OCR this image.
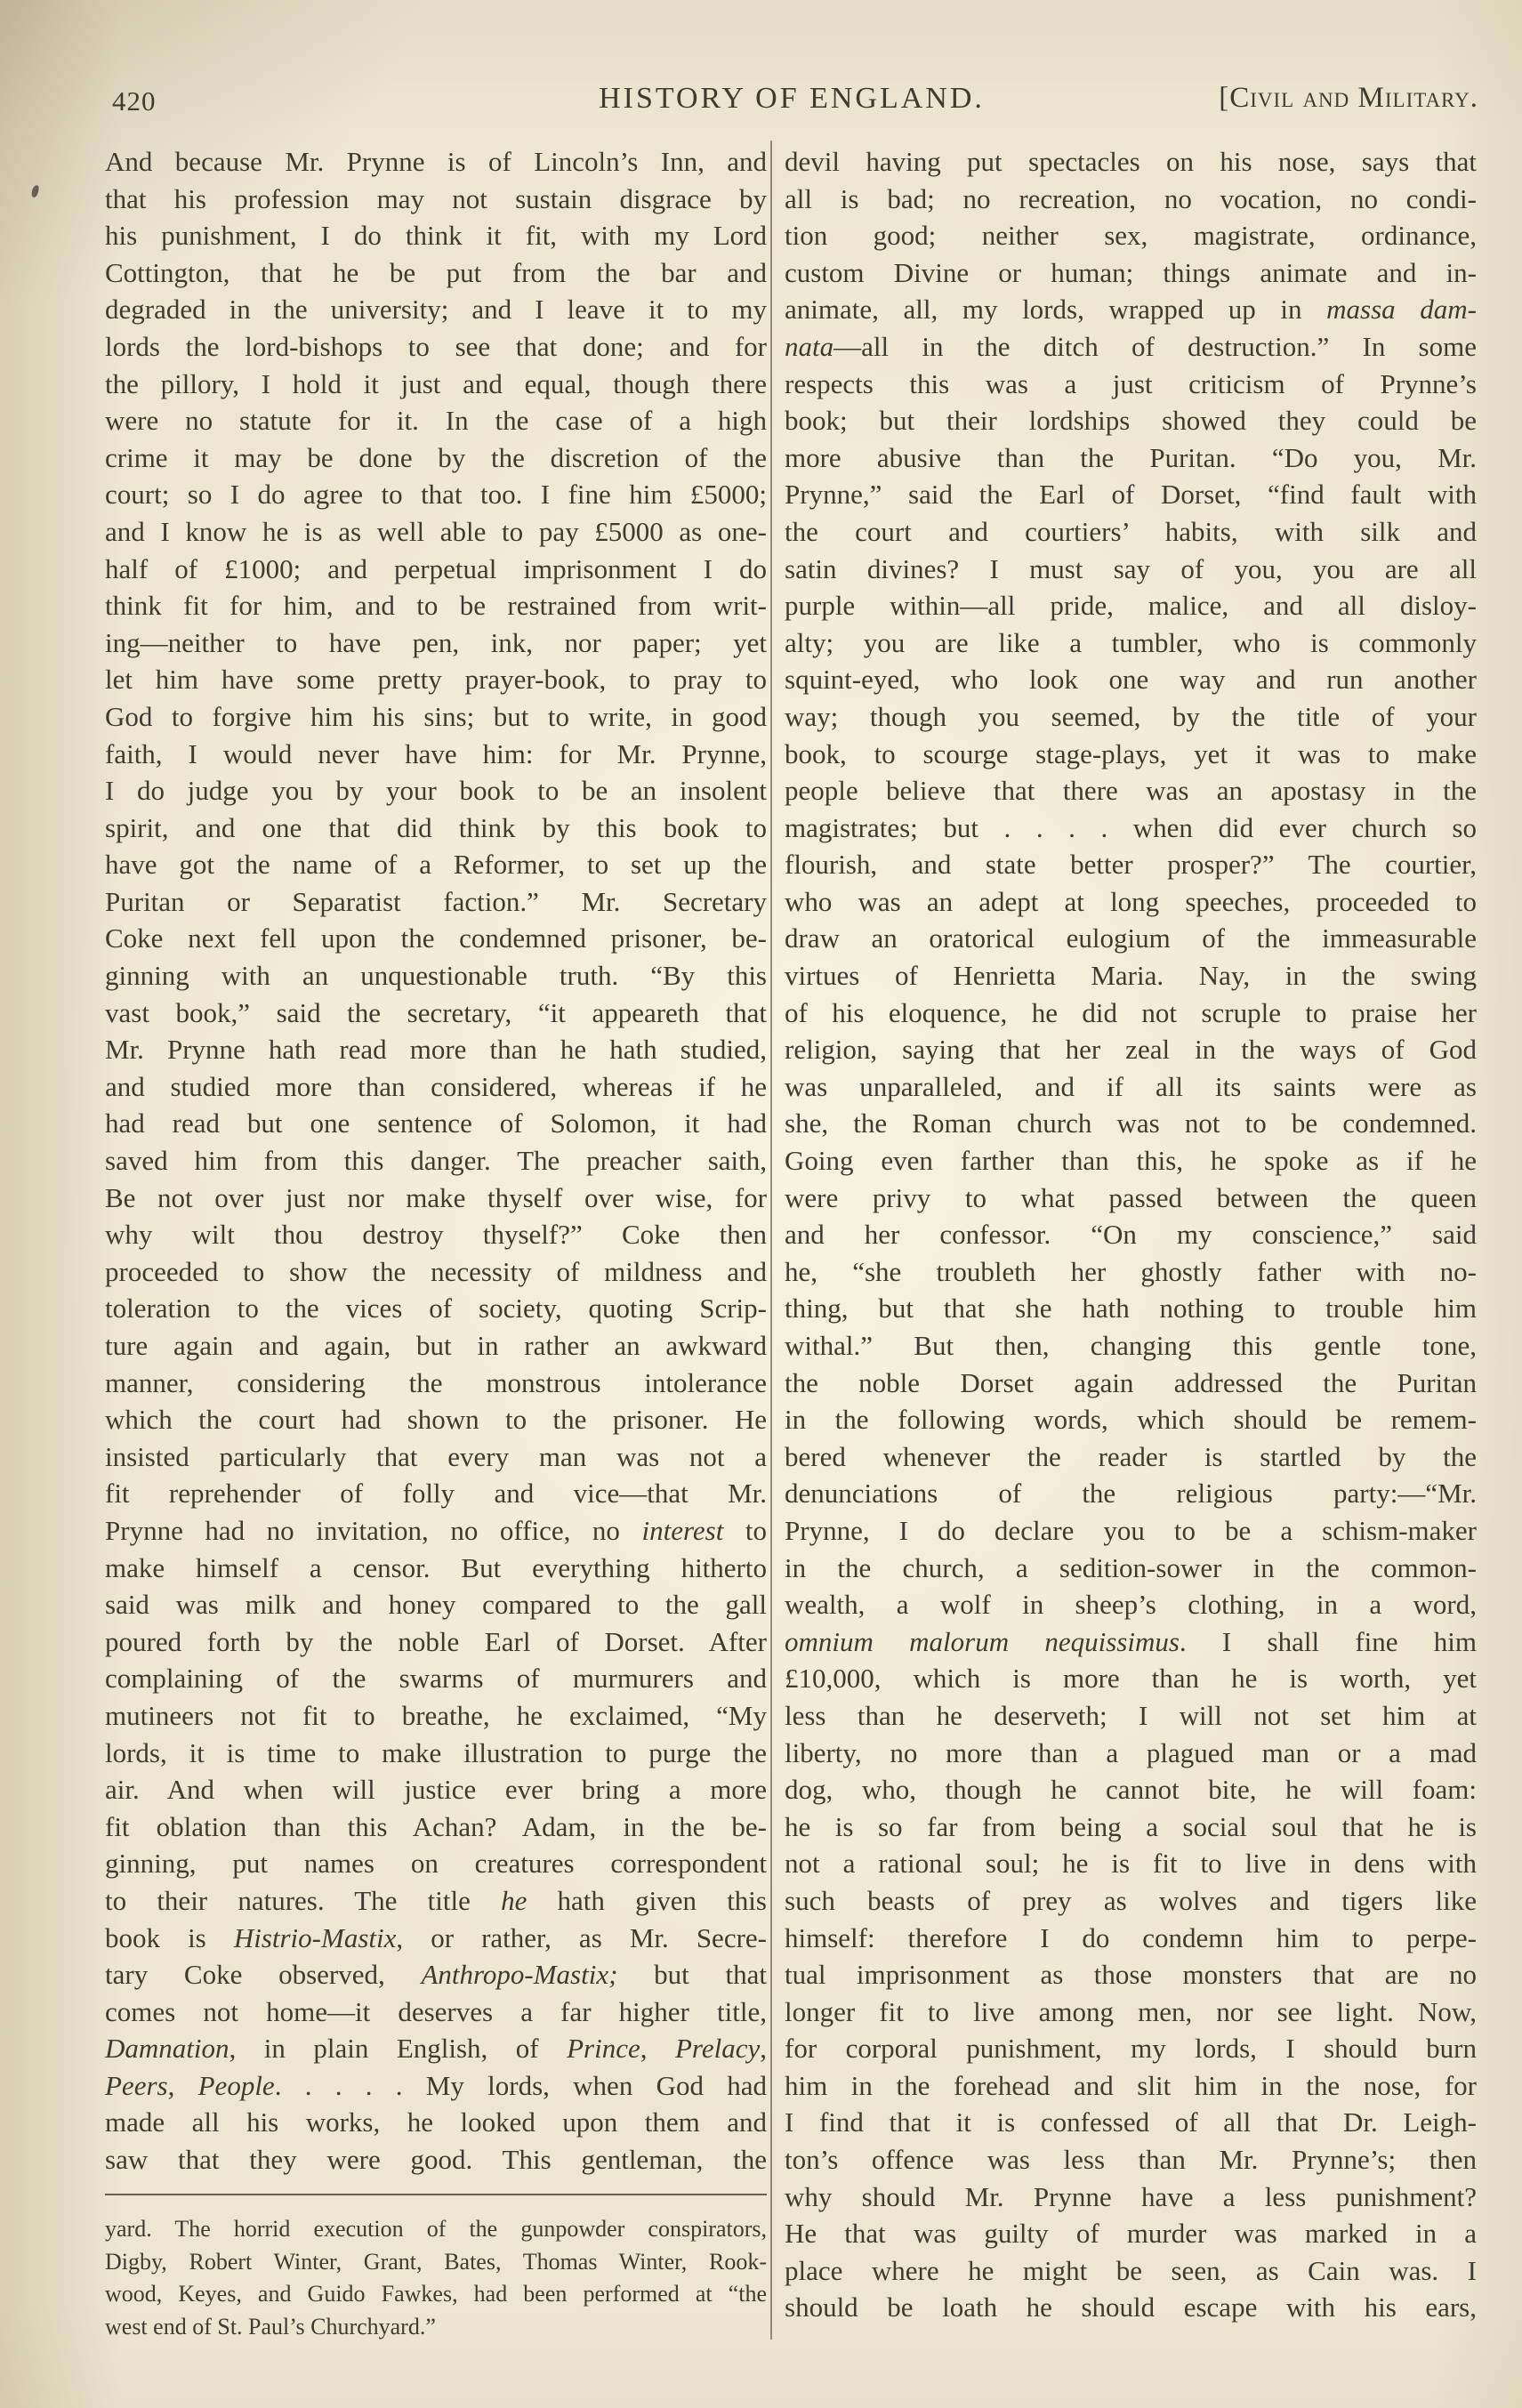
420	HISTORY OF ENGLAND.	[Civil and Military.
And because Mr. Prynne is of Lincoln’s Inn, and
that his profession may not sustain disgrace by
his punishment, I do think it fit, with my Lord
Cottington, that he be put from the bar and
degraded in the university; and I leave it to my
lords the lord-bishops to see that done; and for
the pillory, I hold it just and equal, though there
were no statute for it. In the case of a high
crime it may be done by the discretion of the
court; so I do agree to that too. I fine him £5000;
and I know he is as well able to pay £5000 as one-
half of £1000; and perpetual imprisonment I do
think fit for him, and to be restrained from writ-
ing—neither to have pen, ink, nor paper; yet
let him have some pretty prayer-book, to pray to
God to forgive him his sins; but to write, in good
faith, I would never have him: for Mr. Prynne,
I do judge you by your book to be an insolent
spirit, and one that did think by this book to
have got the name of a Reformer, to set up the
Puritan or Separatist faction.” Mr. Secretary
Coke next fell upon the condemned prisoner, be-
ginning with an unquestionable truth. “By this
vast book,” said the secretary, “it appeareth that
Mr. Prynne hath read more than he hath studied,
and studied more than considered, whereas if he
had read but one sentence of Solomon, it had
saved him from this danger. The preacher saith,
Be not over just nor make thyself over wise, for
why wilt thou destroy thyself?” Coke then
proceeded to show the necessity of mildness and
toleration to the vices of society, quoting Scrip-
ture again and again, but in rather an awkward
manner, considering the monstrous intolerance
which the court had shown to the prisoner. He
insisted particularly that every man was not a
fit reprehender of folly and vice—that Mr.
Prynne had no invitation, no office, no interest to
make himself a censor. But everything hitherto
said was milk and honey compared to the gall
poured forth by the noble Earl of Dorset. After
complaining of the swarms of murmurers and
mutineers not fit to breathe, he exclaimed, “My
lords, it is time to make illustration to purge the
air. And when will justice ever bring a more
fit oblation than this Achan? Adam, in the be-
ginning, put names on creatures correspondent
to their natures. The title he hath given this
book is Histrio-Mastix, or rather, as Mr. Secre-
tary Coke observed, Anthropo-Mastix; but that
comes not home—it deserves a far higher title,
Damnation, in plain English, of Prince, Prelacy,
Peers, People. . . . . My lords, when God had
made all his works, he looked upon them and
saw that they were good. This gentleman, the
devil having put spectacles on his nose, says that
all is bad; no recreation, no vocation, no condi-
tion good; neither sex, magistrate, ordinance,
custom Divine or human; things animate and in-
animate, all, my lords, wrapped up in massa dam-
nata—all in the ditch of destruction.” In some
respects this was a just criticism of Prynne’s
book; but their lordships showed they could be
more abusive than the Puritan. “Do you, Mr.
Prynne,” said the Earl of Dorset, “find fault with
the court and courtiers’ habits, with silk and
satin divines? I must say of you, you are all
purple within—all pride, malice, and all disloy-
alty; you are like a tumbler, who is commonly
squint-eyed, who look one way and run another
way; though you seemed, by the title of your
book, to scourge stage-plays, yet it was to make
people believe that there was an apostasy in the
magistrates; but . . . . when did ever church so
flourish, and state better prosper?” The courtier,
who was an adept at long speeches, proceeded to
draw an oratorical eulogium of the immeasurable
virtues of Henrietta Maria. Nay, in the swing
of his eloquence, he did not scruple to praise her
religion, saying that her zeal in the ways of God
was unparalleled, and if all its saints were as
she, the Roman church was not to be condemned.
Going even farther than this, he spoke as if he
were privy to what passed between the queen
and her confessor. “On my conscience,” said
he, “she troubleth her ghostly father with no-
thing, but that she hath nothing to trouble him
withal.” But then, changing this gentle tone,
the noble Dorset again addressed the Puritan
in the following words, which should be remem-
bered whenever the reader is startled by the
denunciations of the religious party:—“Mr.
Prynne, I do declare you to be a schism-maker
in the church, a sedition-sower in the common-
wealth, a wolf in sheep’s clothing, in a word,
omnium malorum nequissimus. I shall fine him
£10,000, which is more than he is worth, yet
less than he deserveth; I will not set him at
liberty, no more than a plagued man or a mad
dog, who, though he cannot bite, he will foam:
he is so far from being a social soul that he is
not a rational soul; he is fit to live in dens with
such beasts of prey as wolves and tigers like
himself: therefore I do condemn him to perpe-
tual imprisonment as those monsters that are no
longer fit to live among men, nor see light. Now,
for corporal punishment, my lords, I should burn
him in the forehead and slit him in the nose, for
I find that it is confessed of all that Dr. Leigh-
ton’s offence was less than Mr. Prynne’s; then
why should Mr. Prynne have a less punishment?
He that was guilty of murder was marked in a
place where he might be seen, as Cain was. I
should be loath he should escape with his ears,
yard. The horrid execution of the gunpowder conspirators,
Digby, Robert Winter, Grant, Bates, Thomas Winter, Rook-
wood, Keyes, and Guido Fawkes, had been performed at “the
west end of St. Paul’s Churchyard.”
